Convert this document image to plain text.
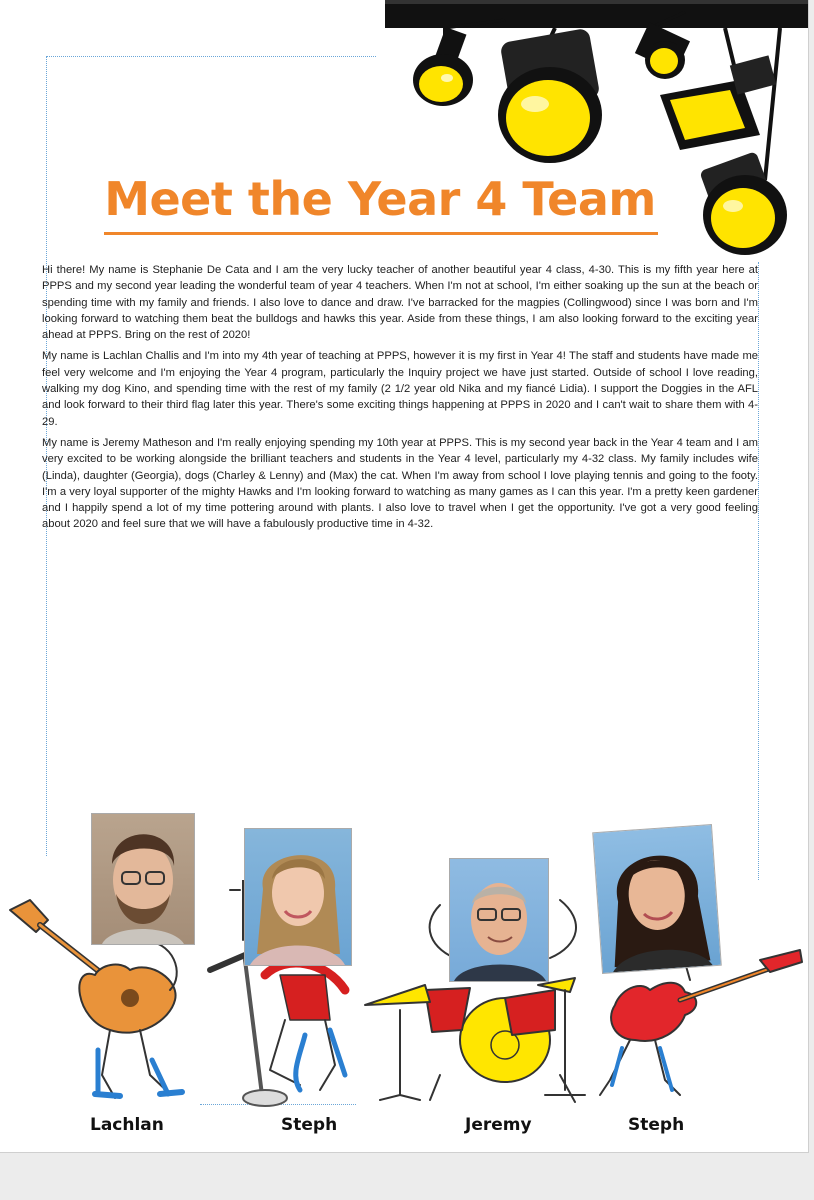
Meet the Year 4 Team

Hi there! My name is Stephanie De Cata and I am the very lucky teacher of another beautiful year 4 class, 4-30. This is my fifth year here at PPPS and my second year leading the wonderful team of year 4 teachers. When I'm not at school, I'm either soaking up the sun at the beach or spending time with my family and friends. I also love to dance and draw. I've barracked for the magpies (Collingwood) since I was born and I'm looking forward to watching them beat the bulldogs and hawks this year. Aside from these things, I am also looking forward to the exciting year ahead at PPPS. Bring on the rest of 2020!

My name is Lachlan Challis and I'm into my 4th year of teaching at PPPS, however it is my first in Year 4! The staff and students have made me feel very welcome and I'm enjoying the Year 4 program, particularly the Inquiry project we have just started. Outside of school I love reading, walking my dog Kino, and spending time with the rest of my family (2 1/2 year old Nika and my fiancé Lidia). I support the Doggies in the AFL and look forward to their third flag later this year. There's some exciting things happening at PPPS in 2020 and I can't wait to share them with 4-29.

My name is Jeremy Matheson and I'm really enjoying spending my 10th year at PPPS. This is my second year back in the Year 4 team and I am very excited to be working alongside the brilliant teachers and students in the Year 4 level, particularly my 4-32 class. My family includes wife (Linda), daughter (Georgia), dogs (Charley & Lenny) and (Max) the cat. When I'm away from school I love playing tennis and going to the footy. I'm a very loyal supporter of the mighty Hawks and I'm looking forward to watching as many games as I can this year. I'm a pretty keen gardener and I happily spend a lot of my time pottering around with plants. I also love to travel when I get the opportunity. I've got a very good feeling about 2020 and feel sure that we will have a fabulously productive time in 4-32.

Lachlan	Steph	Jeremy	Steph
